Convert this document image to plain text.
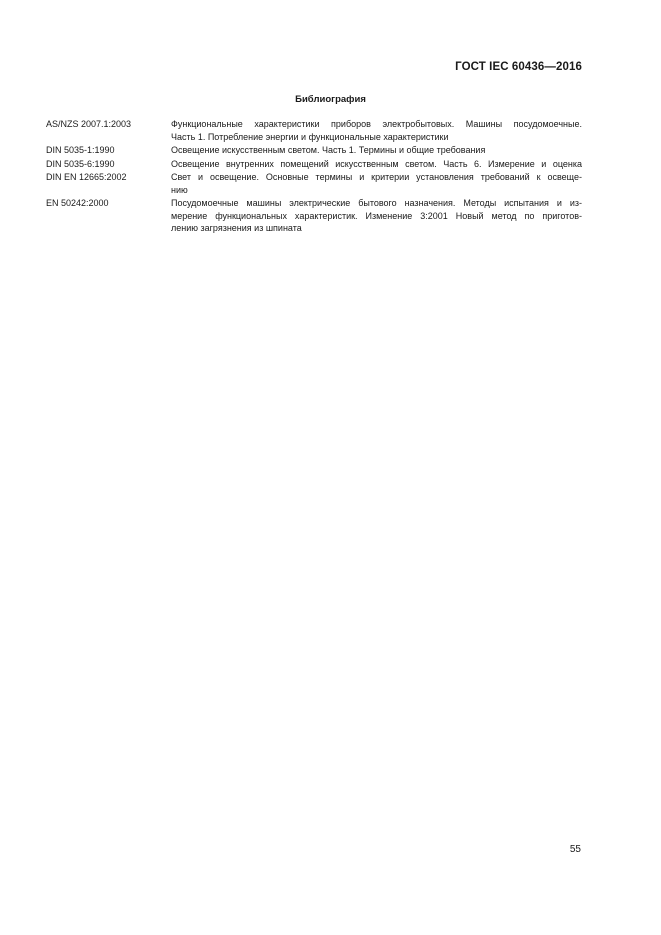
ГОСТ IEC 60436—2016
Библиография
AS/NZS 2007.1:2003	Функциональные характеристики приборов электробытовых. Машины посудомоечные.
Часть 1. Потребление энергии и функциональные характеристики
DIN 5035-1:1990	Освещение искусственным светом. Часть 1. Термины и общие требования
DIN 5035-6:1990	Освещение внутренних помещений искусственным светом. Часть 6. Измерение и оценка
DIN EN 12665:2002	Свет и освещение. Основные термины и критерии установления требований к освеще-
нию
EN 50242:2000	Посудомоечные машины электрические бытового назначения. Методы испытания и из-
мерение функциональных характеристик. Изменение 3:2001 Новый метод по приготов-
лению загрязнения из шпината
55
